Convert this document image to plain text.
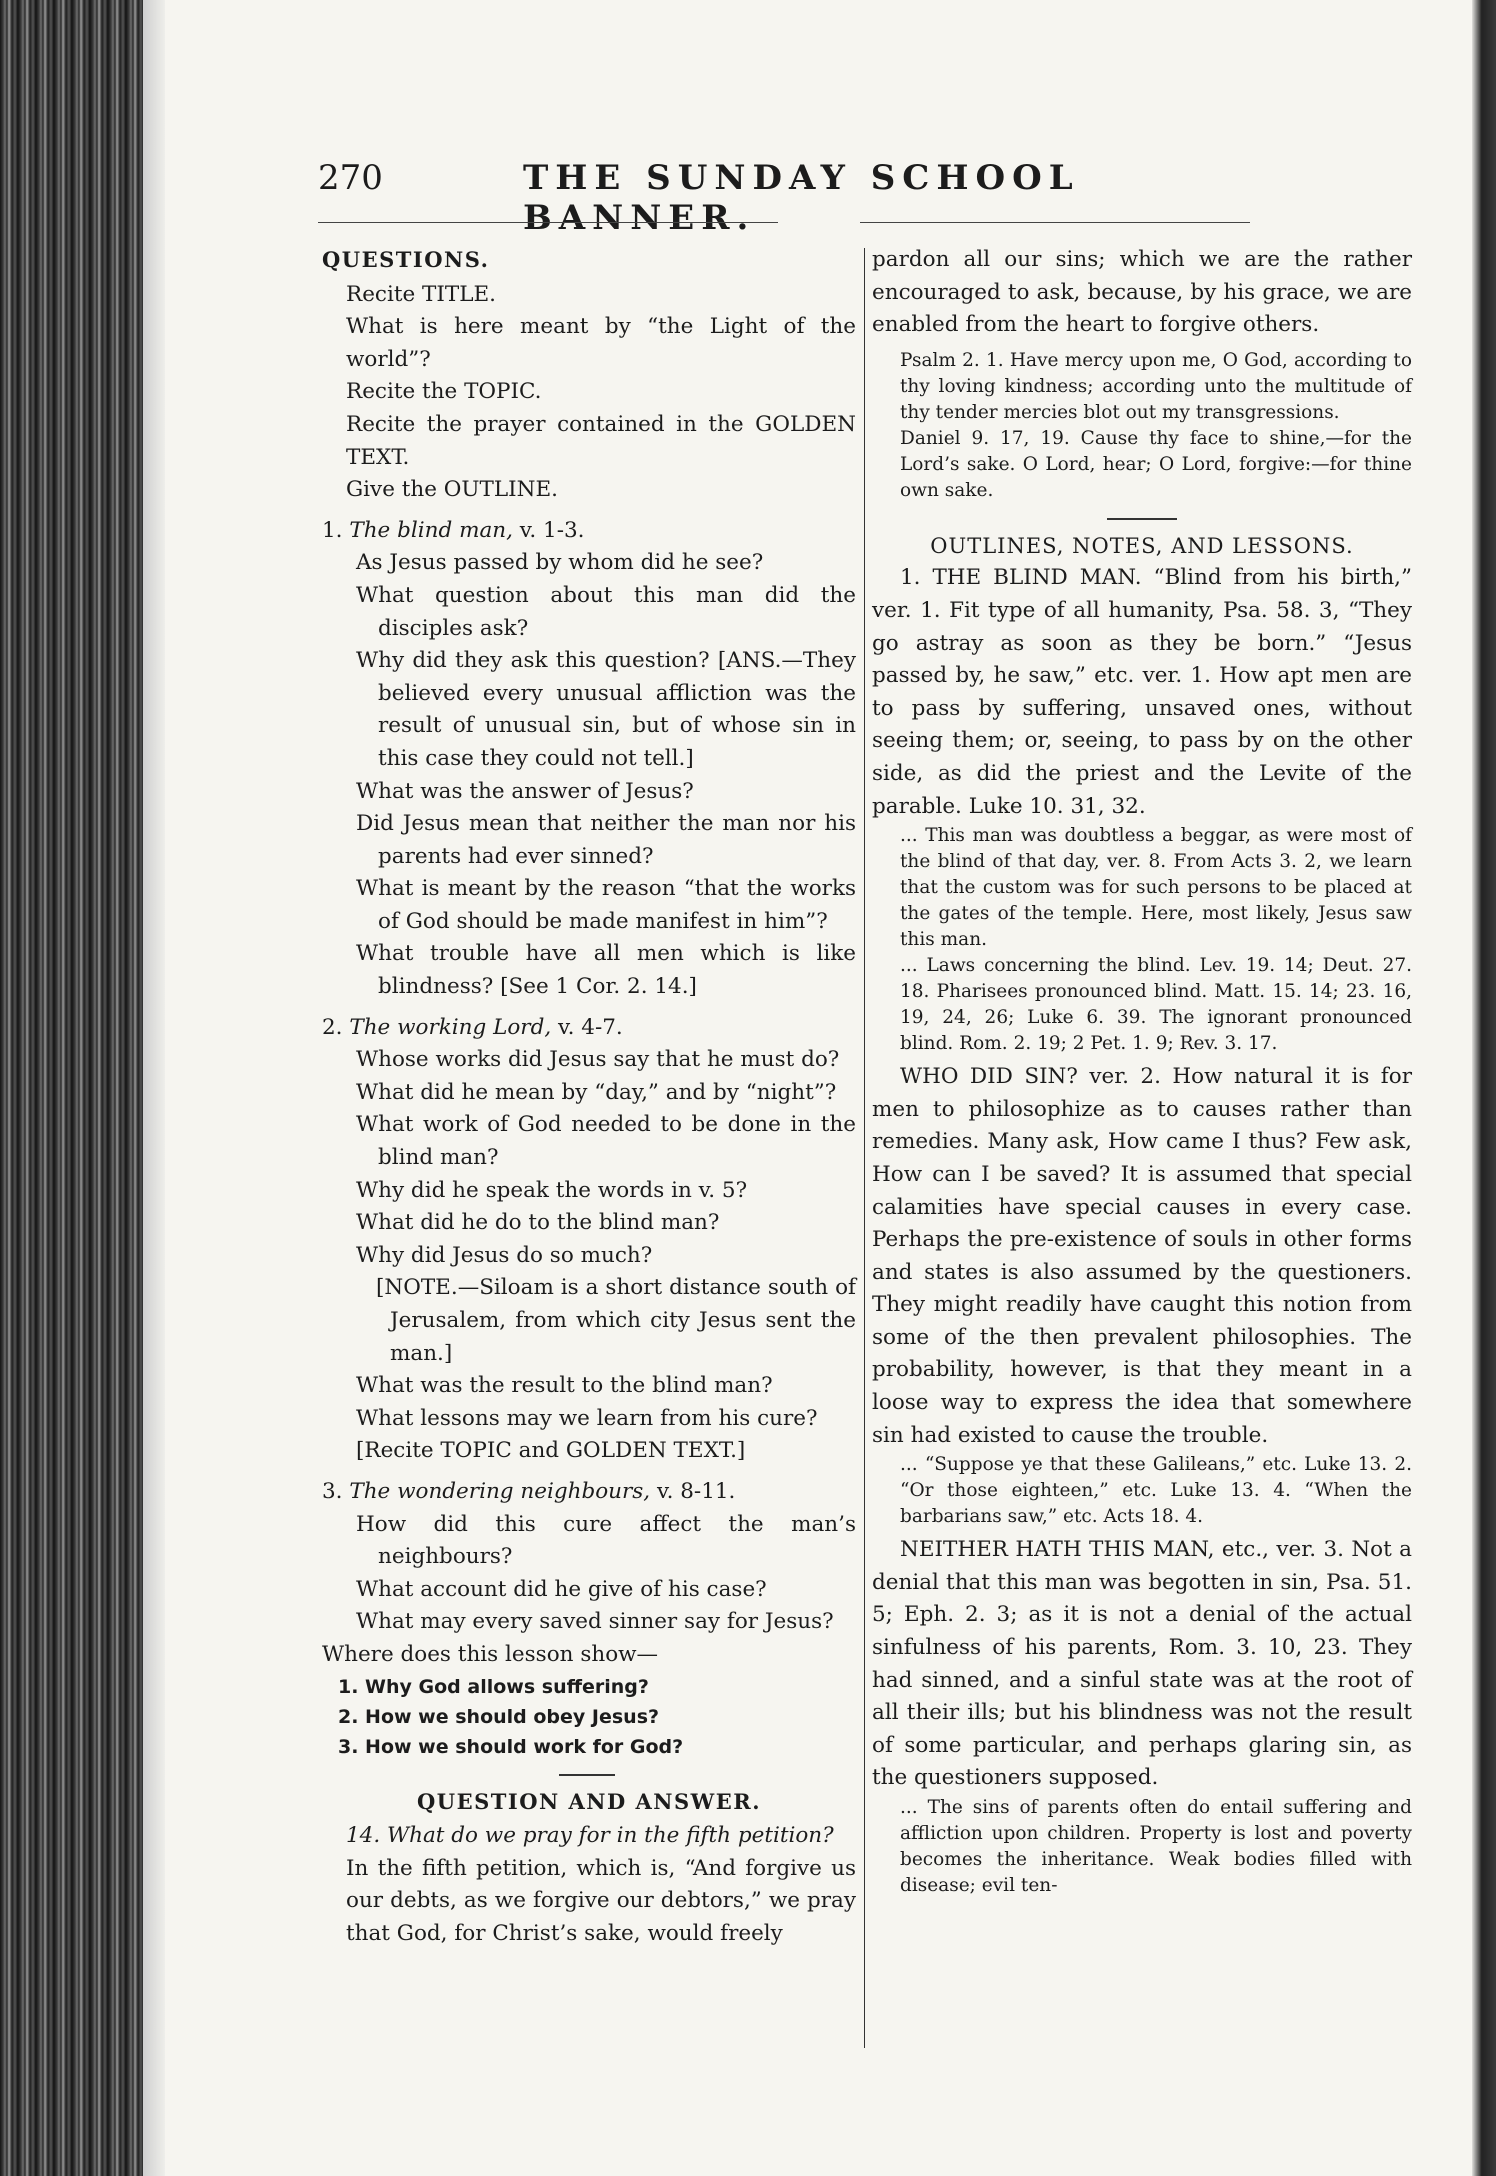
270	THE SUNDAY SCHOOL BANNER.

QUESTIONS.

Recite TITLE.

What is here meant by “the Light of the world”?

Recite the TOPIC.

Recite the prayer contained in the GOLDEN TEXT.

Give the OUTLINE.

1. The blind man, v. 1-3.

As Jesus passed by whom did he see?

What question about this man did the disciples ask?

Why did they ask this question? [ANS.—They believed every unusual affliction was the result of unusual sin, but of whose sin in this case they could not tell.]

What was the answer of Jesus?

Did Jesus mean that neither the man nor his parents had ever sinned?

What is meant by the reason “that the works of God should be made manifest in him”?

What trouble have all men which is like blindness? [See 1 Cor. 2. 14.]

2. The working Lord, v. 4-7.

Whose works did Jesus say that he must do?

What did he mean by “day,” and by “night”?

What work of God needed to be done in the blind man?

Why did he speak the words in v. 5?

What did he do to the blind man?

Why did Jesus do so much?

[NOTE.—Siloam is a short distance south of Jerusalem, from which city Jesus sent the man.]

What was the result to the blind man?

What lessons may we learn from his cure?

[Recite TOPIC and GOLDEN TEXT.]

3. The wondering neighbours, v. 8-11.

How did this cure affect the man’s neighbours?

What account did he give of his case?

What may every saved sinner say for Jesus?

Where does this lesson show—

1. Why God allows suffering?

2. How we should obey Jesus?

3. How we should work for God?

QUESTION AND ANSWER.

14. What do we pray for in the fifth petition?

In the fifth petition, which is, “And forgive us our debts, as we forgive our debtors,” we pray that God, for Christ’s sake, would freely

pardon all our sins; which we are the rather encouraged to ask, because, by his grace, we are enabled from the heart to forgive others.

Psalm 2. 1. Have mercy upon me, O God, according to thy loving kindness; according unto the multitude of thy tender mercies blot out my transgressions.

Daniel 9. 17, 19. Cause thy face to shine,—for the Lord’s sake. O Lord, hear; O Lord, forgive:—for thine own sake.

OUTLINES, NOTES, AND LESSONS.

1. THE BLIND MAN. “Blind from his birth,” ver. 1. Fit type of all humanity, Psa. 58. 3, “They go astray as soon as they be born.” “Jesus passed by, he saw,” etc. ver. 1. How apt men are to pass by suffering, unsaved ones, without seeing them; or, seeing, to pass by on the other side, as did the priest and the Levite of the parable. Luke 10. 31, 32.

... This man was doubtless a beggar, as were most of the blind of that day, ver. 8. From Acts 3. 2, we learn that the custom was for such persons to be placed at the gates of the temple. Here, most likely, Jesus saw this man.

... Laws concerning the blind. Lev. 19. 14; Deut. 27. 18. Pharisees pronounced blind. Matt. 15. 14; 23. 16, 19, 24, 26; Luke 6. 39. The ignorant pronounced blind. Rom. 2. 19; 2 Pet. 1. 9; Rev. 3. 17.

WHO DID SIN? ver. 2. How natural it is for men to philosophize as to causes rather than remedies. Many ask, How came I thus? Few ask, How can I be saved? It is assumed that special calamities have special causes in every case. Perhaps the pre-existence of souls in other forms and states is also assumed by the questioners. They might readily have caught this notion from some of the then prevalent philosophies. The probability, however, is that they meant in a loose way to express the idea that somewhere sin had existed to cause the trouble.

... “Suppose ye that these Galileans,” etc. Luke 13. 2. “Or those eighteen,” etc. Luke 13. 4. “When the barbarians saw,” etc. Acts 18. 4.

NEITHER HATH THIS MAN, etc., ver. 3. Not a denial that this man was begotten in sin, Psa. 51. 5; Eph. 2. 3; as it is not a denial of the actual sinfulness of his parents, Rom. 3. 10, 23. They had sinned, and a sinful state was at the root of all their ills; but his blindness was not the result of some particular, and perhaps glaring sin, as the questioners supposed.

... The sins of parents often do entail suffering and affliction upon children. Property is lost and poverty becomes the inheritance. Weak bodies filled with disease; evil ten-
